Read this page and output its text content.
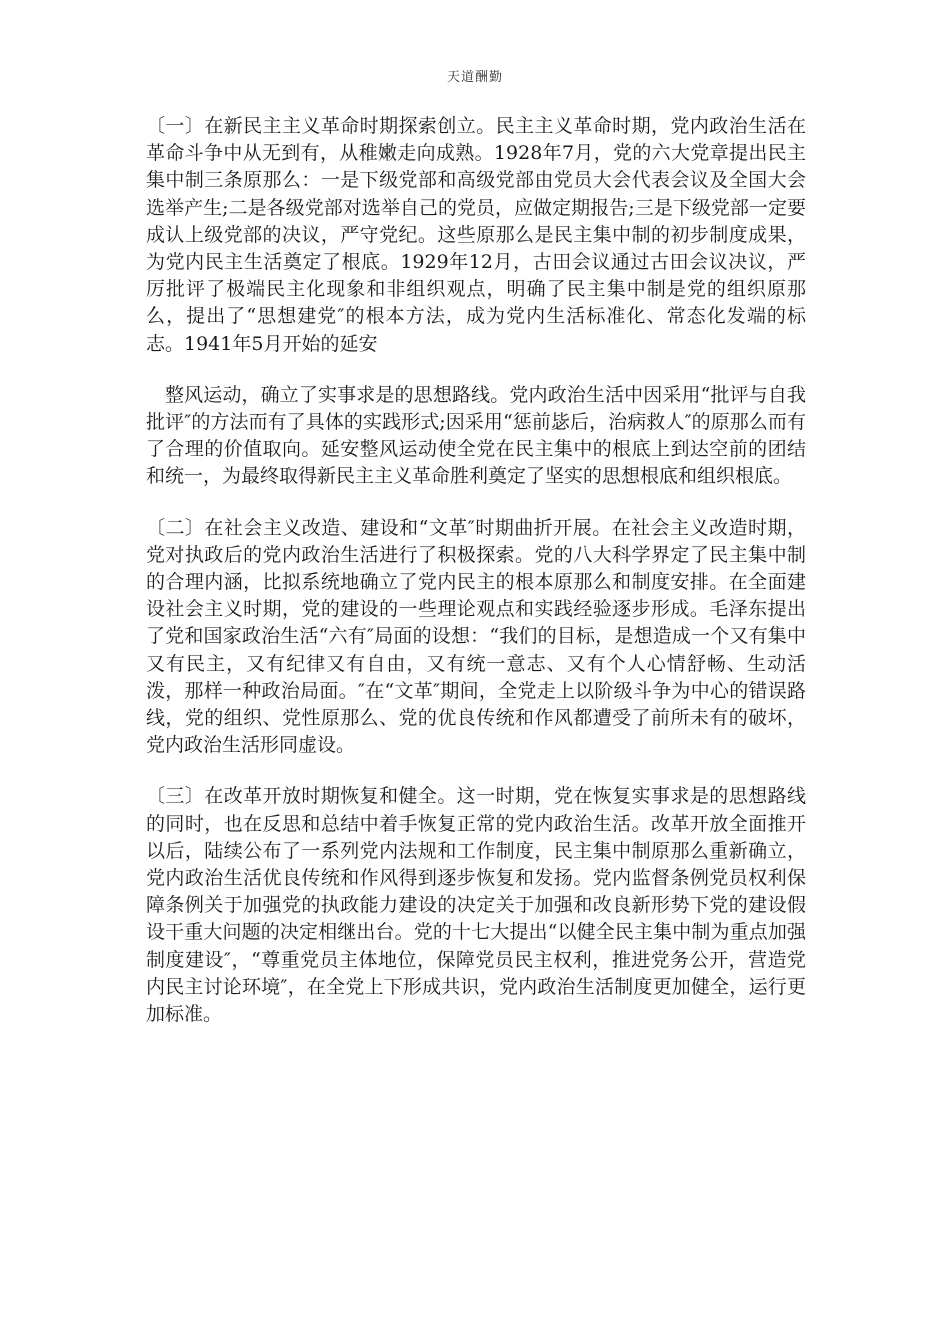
天道酬勤

〔一〕在新民主主义革命时期探索创立。民主主义革命时期，党内政治生活在革命斗争中从无到有，从稚嫩走向成熟。1928年7月，党的六大党章提出民主集中制三条原那么：一是下级党部和高级党部由党员大会代表会议及全国大会选举产生;二是各级党部对选举自己的党员，应做定期报告;三是下级党部一定要成认上级党部的决议，严守党纪。这些原那么是民主集中制的初步制度成果，为党内民主生活奠定了根底。1929年12月，古田会议通过古田会议决议，严厉批评了极端民主化现象和非组织观点，明确了民主集中制是党的组织原那么，提出了“思想建党″的根本方法，成为党内生活标准化、常态化发端的标志。1941年5月开始的延安

整风运动，确立了实事求是的思想路线。党内政治生活中因采用“批评与自我批评″的方法而有了具体的实践形式;因采用“惩前毖后，治病救人″的原那么而有了合理的价值取向。延安整风运动使全党在民主集中的根底上到达空前的团结和统一，为最终取得新民主主义革命胜利奠定了坚实的思想根底和组织根底。

〔二〕在社会主义改造、建设和“文革″时期曲折开展。在社会主义改造时期，党对执政后的党内政治生活进行了积极探索。党的八大科学界定了民主集中制的合理内涵，比拟系统地确立了党内民主的根本原那么和制度安排。在全面建设社会主义时期，党的建设的一些理论观点和实践经验逐步形成。毛泽东提出了党和国家政治生活“六有″局面的设想：“我们的目标，是想造成一个又有集中又有民主，又有纪律又有自由，又有统一意志、又有个人心情舒畅、生动活泼，那样一种政治局面。″在“文革″期间，全党走上以阶级斗争为中心的错误路线，党的组织、党性原那么、党的优良传统和作风都遭受了前所未有的破坏，党内政治生活形同虚设。

〔三〕在改革开放时期恢复和健全。这一时期，党在恢复实事求是的思想路线的同时，也在反思和总结中着手恢复正常的党内政治生活。改革开放全面推开以后，陆续公布了一系列党内法规和工作制度，民主集中制原那么重新确立，党内政治生活优良传统和作风得到逐步恢复和发扬。党内监督条例党员权利保障条例关于加强党的执政能力建设的决定关于加强和改良新形势下党的建设假设干重大问题的决定相继出台。党的十七大提出“以健全民主集中制为重点加强制度建设″，“尊重党员主体地位，保障党员民主权利，推进党务公开，营造党内民主讨论环境″，在全党上下形成共识，党内政治生活制度更加健全，运行更加标准。
